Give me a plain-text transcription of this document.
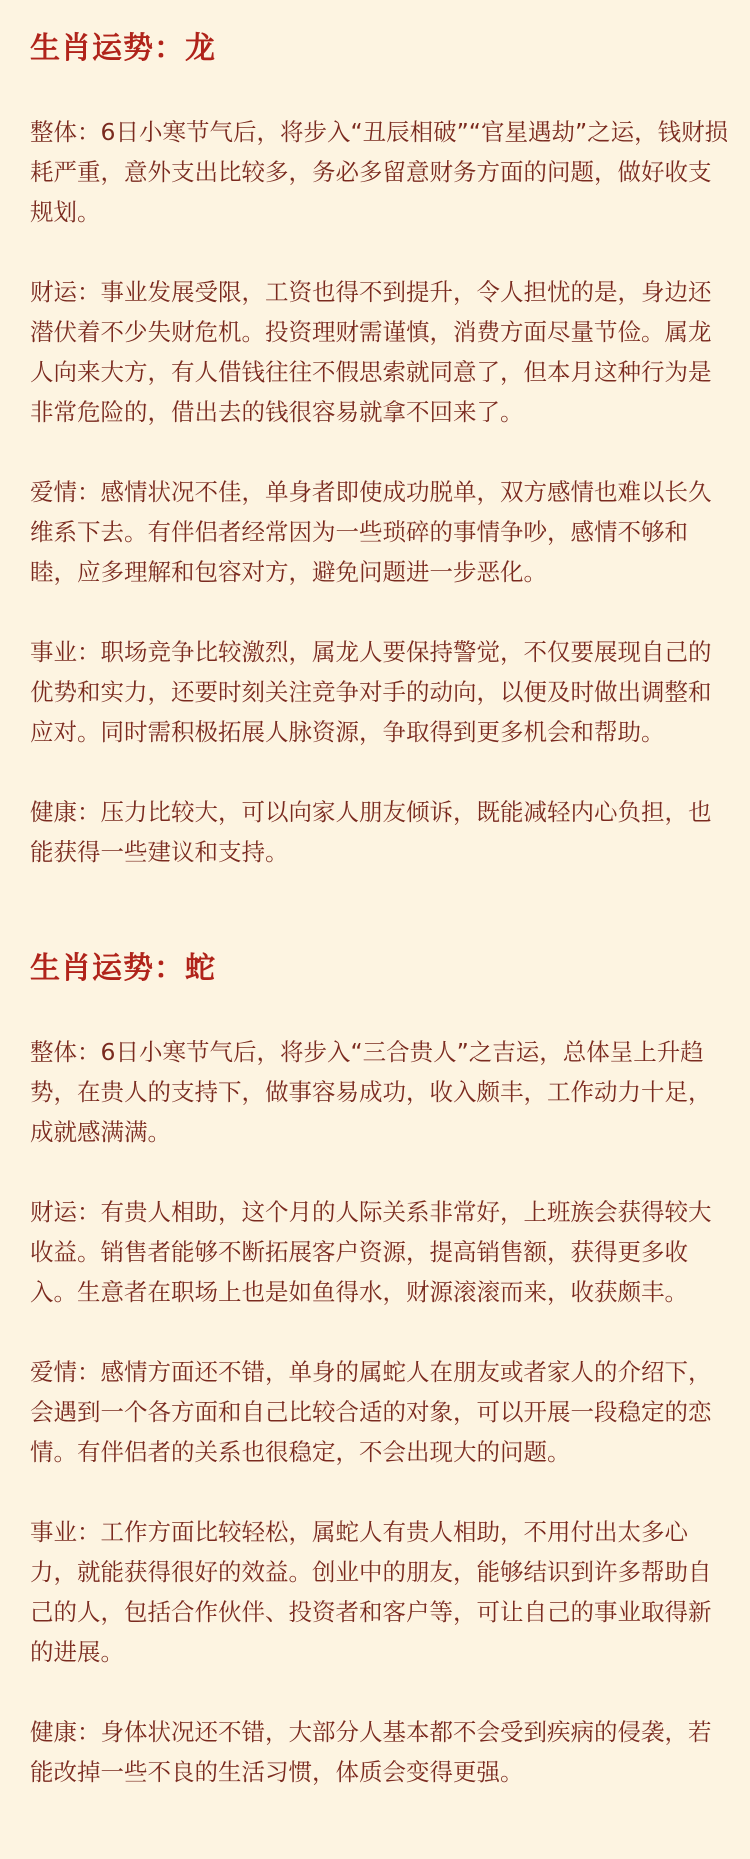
生肖运势：龙

整体：6日小寒节气后，将步入“丑辰相破”“官星遇劫”之运，钱财损耗严重，意外支出比较多，务必多留意财务方面的问题，做好收支规划。

财运：事业发展受限，工资也得不到提升，令人担忧的是，身边还潜伏着不少失财危机。投资理财需谨慎，消费方面尽量节俭。属龙人向来大方，有人借钱往往不假思索就同意了，但本月这种行为是非常危险的，借出去的钱很容易就拿不回来了。

爱情：感情状况不佳，单身者即使成功脱单，双方感情也难以长久维系下去。有伴侣者经常因为一些琐碎的事情争吵，感情不够和睦，应多理解和包容对方，避免问题进一步恶化。

事业：职场竞争比较激烈，属龙人要保持警觉，不仅要展现自己的优势和实力，还要时刻关注竞争对手的动向，以便及时做出调整和应对。同时需积极拓展人脉资源，争取得到更多机会和帮助。

健康：压力比较大，可以向家人朋友倾诉，既能减轻内心负担，也能获得一些建议和支持。

生肖运势：蛇

整体：6日小寒节气后，将步入“三合贵人”之吉运，总体呈上升趋势，在贵人的支持下，做事容易成功，收入颇丰，工作动力十足，成就感满满。

财运：有贵人相助，这个月的人际关系非常好，上班族会获得较大收益。销售者能够不断拓展客户资源，提高销售额，获得更多收入。生意者在职场上也是如鱼得水，财源滚滚而来，收获颇丰。

爱情：感情方面还不错，单身的属蛇人在朋友或者家人的介绍下，会遇到一个各方面和自己比较合适的对象，可以开展一段稳定的恋情。有伴侣者的关系也很稳定，不会出现大的问题。

事业：工作方面比较轻松，属蛇人有贵人相助，不用付出太多心力，就能获得很好的效益。创业中的朋友，能够结识到许多帮助自己的人，包括合作伙伴、投资者和客户等，可让自己的事业取得新的进展。

健康：身体状况还不错，大部分人基本都不会受到疾病的侵袭，若能改掉一些不良的生活习惯，体质会变得更强。
